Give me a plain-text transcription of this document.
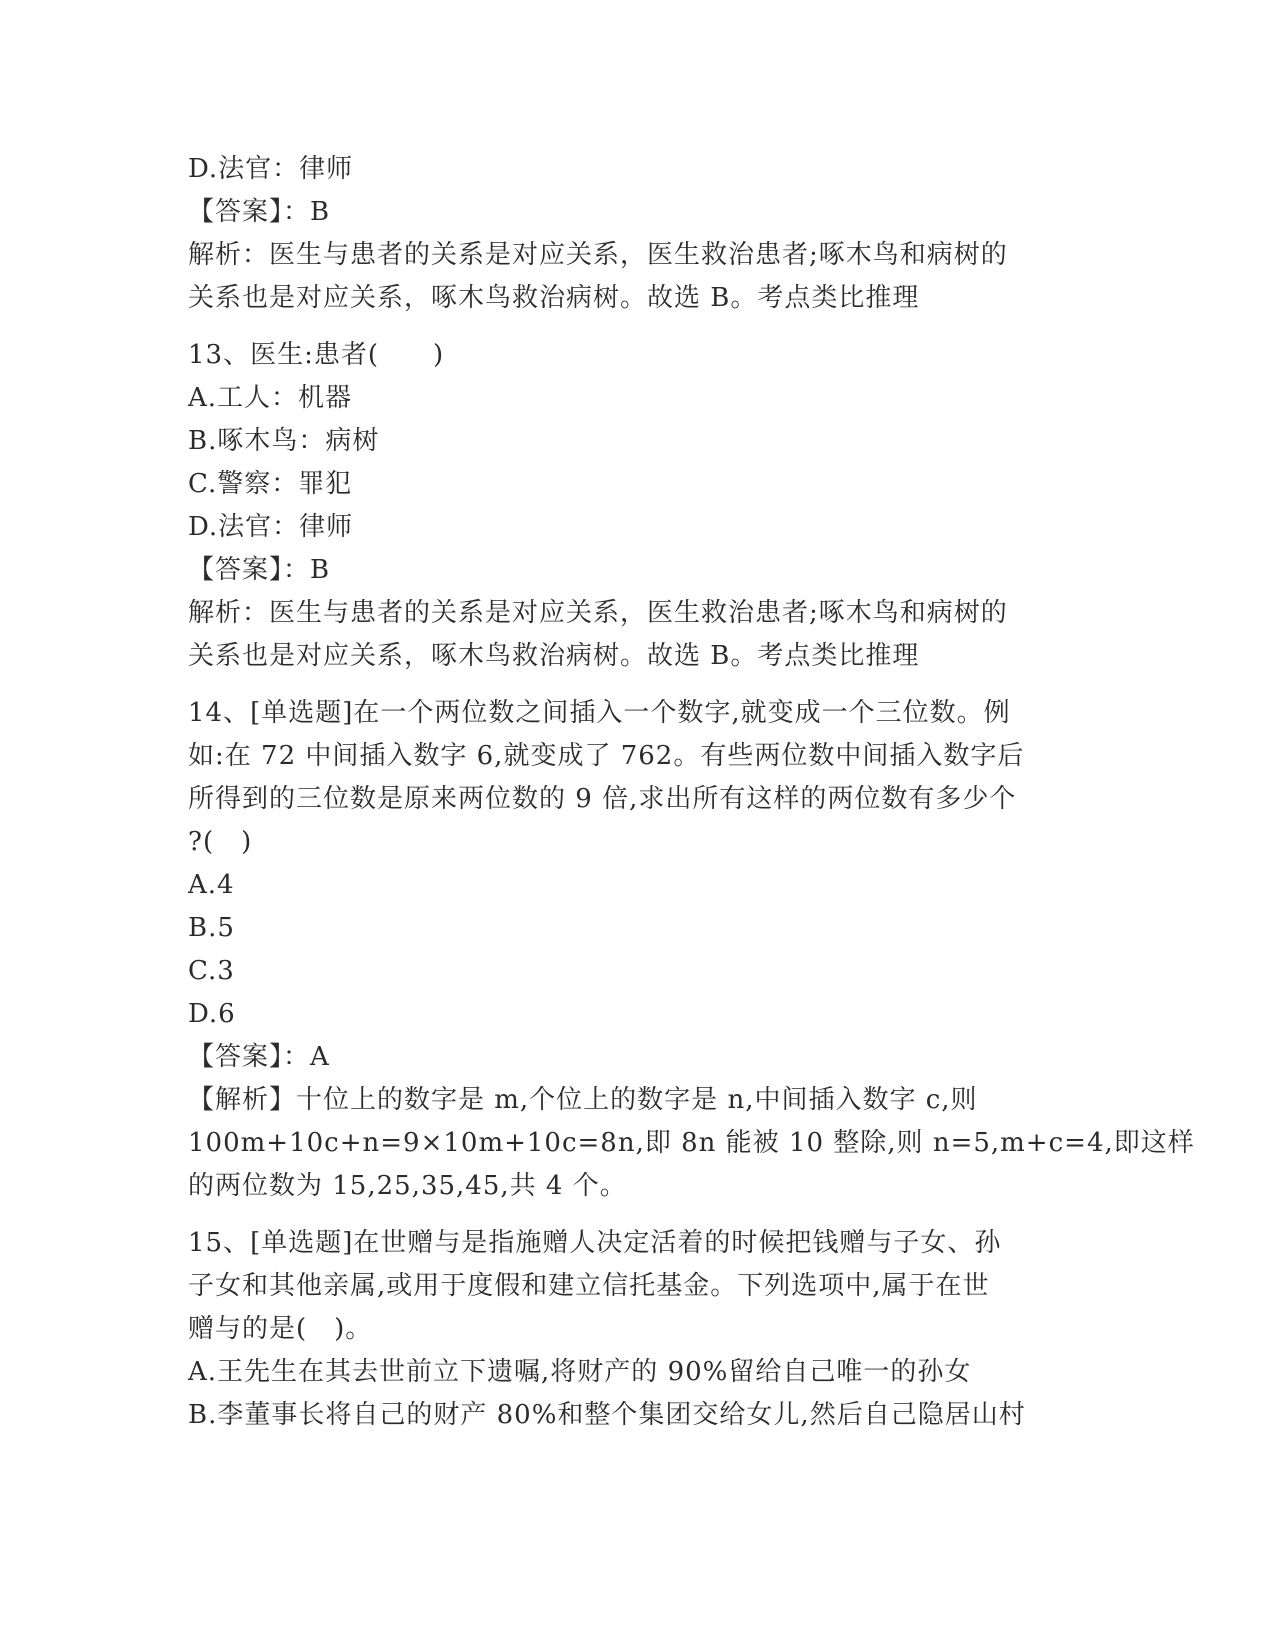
D.法官：律师
【答案】：B
解析：医生与患者的关系是对应关系，医生救治患者;啄木鸟和病树的
关系也是对应关系，啄木鸟救治病树。故选 B。考点类比推理
13、医生:患者(　　)
A.工人：机器
B.啄木鸟：病树
C.警察：罪犯
D.法官：律师
【答案】：B
解析：医生与患者的关系是对应关系，医生救治患者;啄木鸟和病树的
关系也是对应关系，啄木鸟救治病树。故选 B。考点类比推理
14、[单选题]在一个两位数之间插入一个数字,就变成一个三位数。例
如:在 72 中间插入数字 6,就变成了 762。有些两位数中间插入数字后
所得到的三位数是原来两位数的 9 倍,求出所有这样的两位数有多少个
?(　)
A.4
B.5
C.3
D.6
【答案】：A
【解析】十位上的数字是 m,个位上的数字是 n,中间插入数字 c,则
100m+10c+n=9×10m+10c=8n,即 8n 能被 10 整除,则 n=5,m+c=4,即这样
的两位数为 15,25,35,45,共 4 个。
15、[单选题]在世赠与是指施赠人决定活着的时候把钱赠与子女、孙
子女和其他亲属,或用于度假和建立信托基金。下列选项中,属于在世
赠与的是(　)。
A.王先生在其去世前立下遗嘱,将财产的 90%留给自己唯一的孙女
B.李董事长将自己的财产 80%和整个集团交给女儿,然后自己隐居山村
